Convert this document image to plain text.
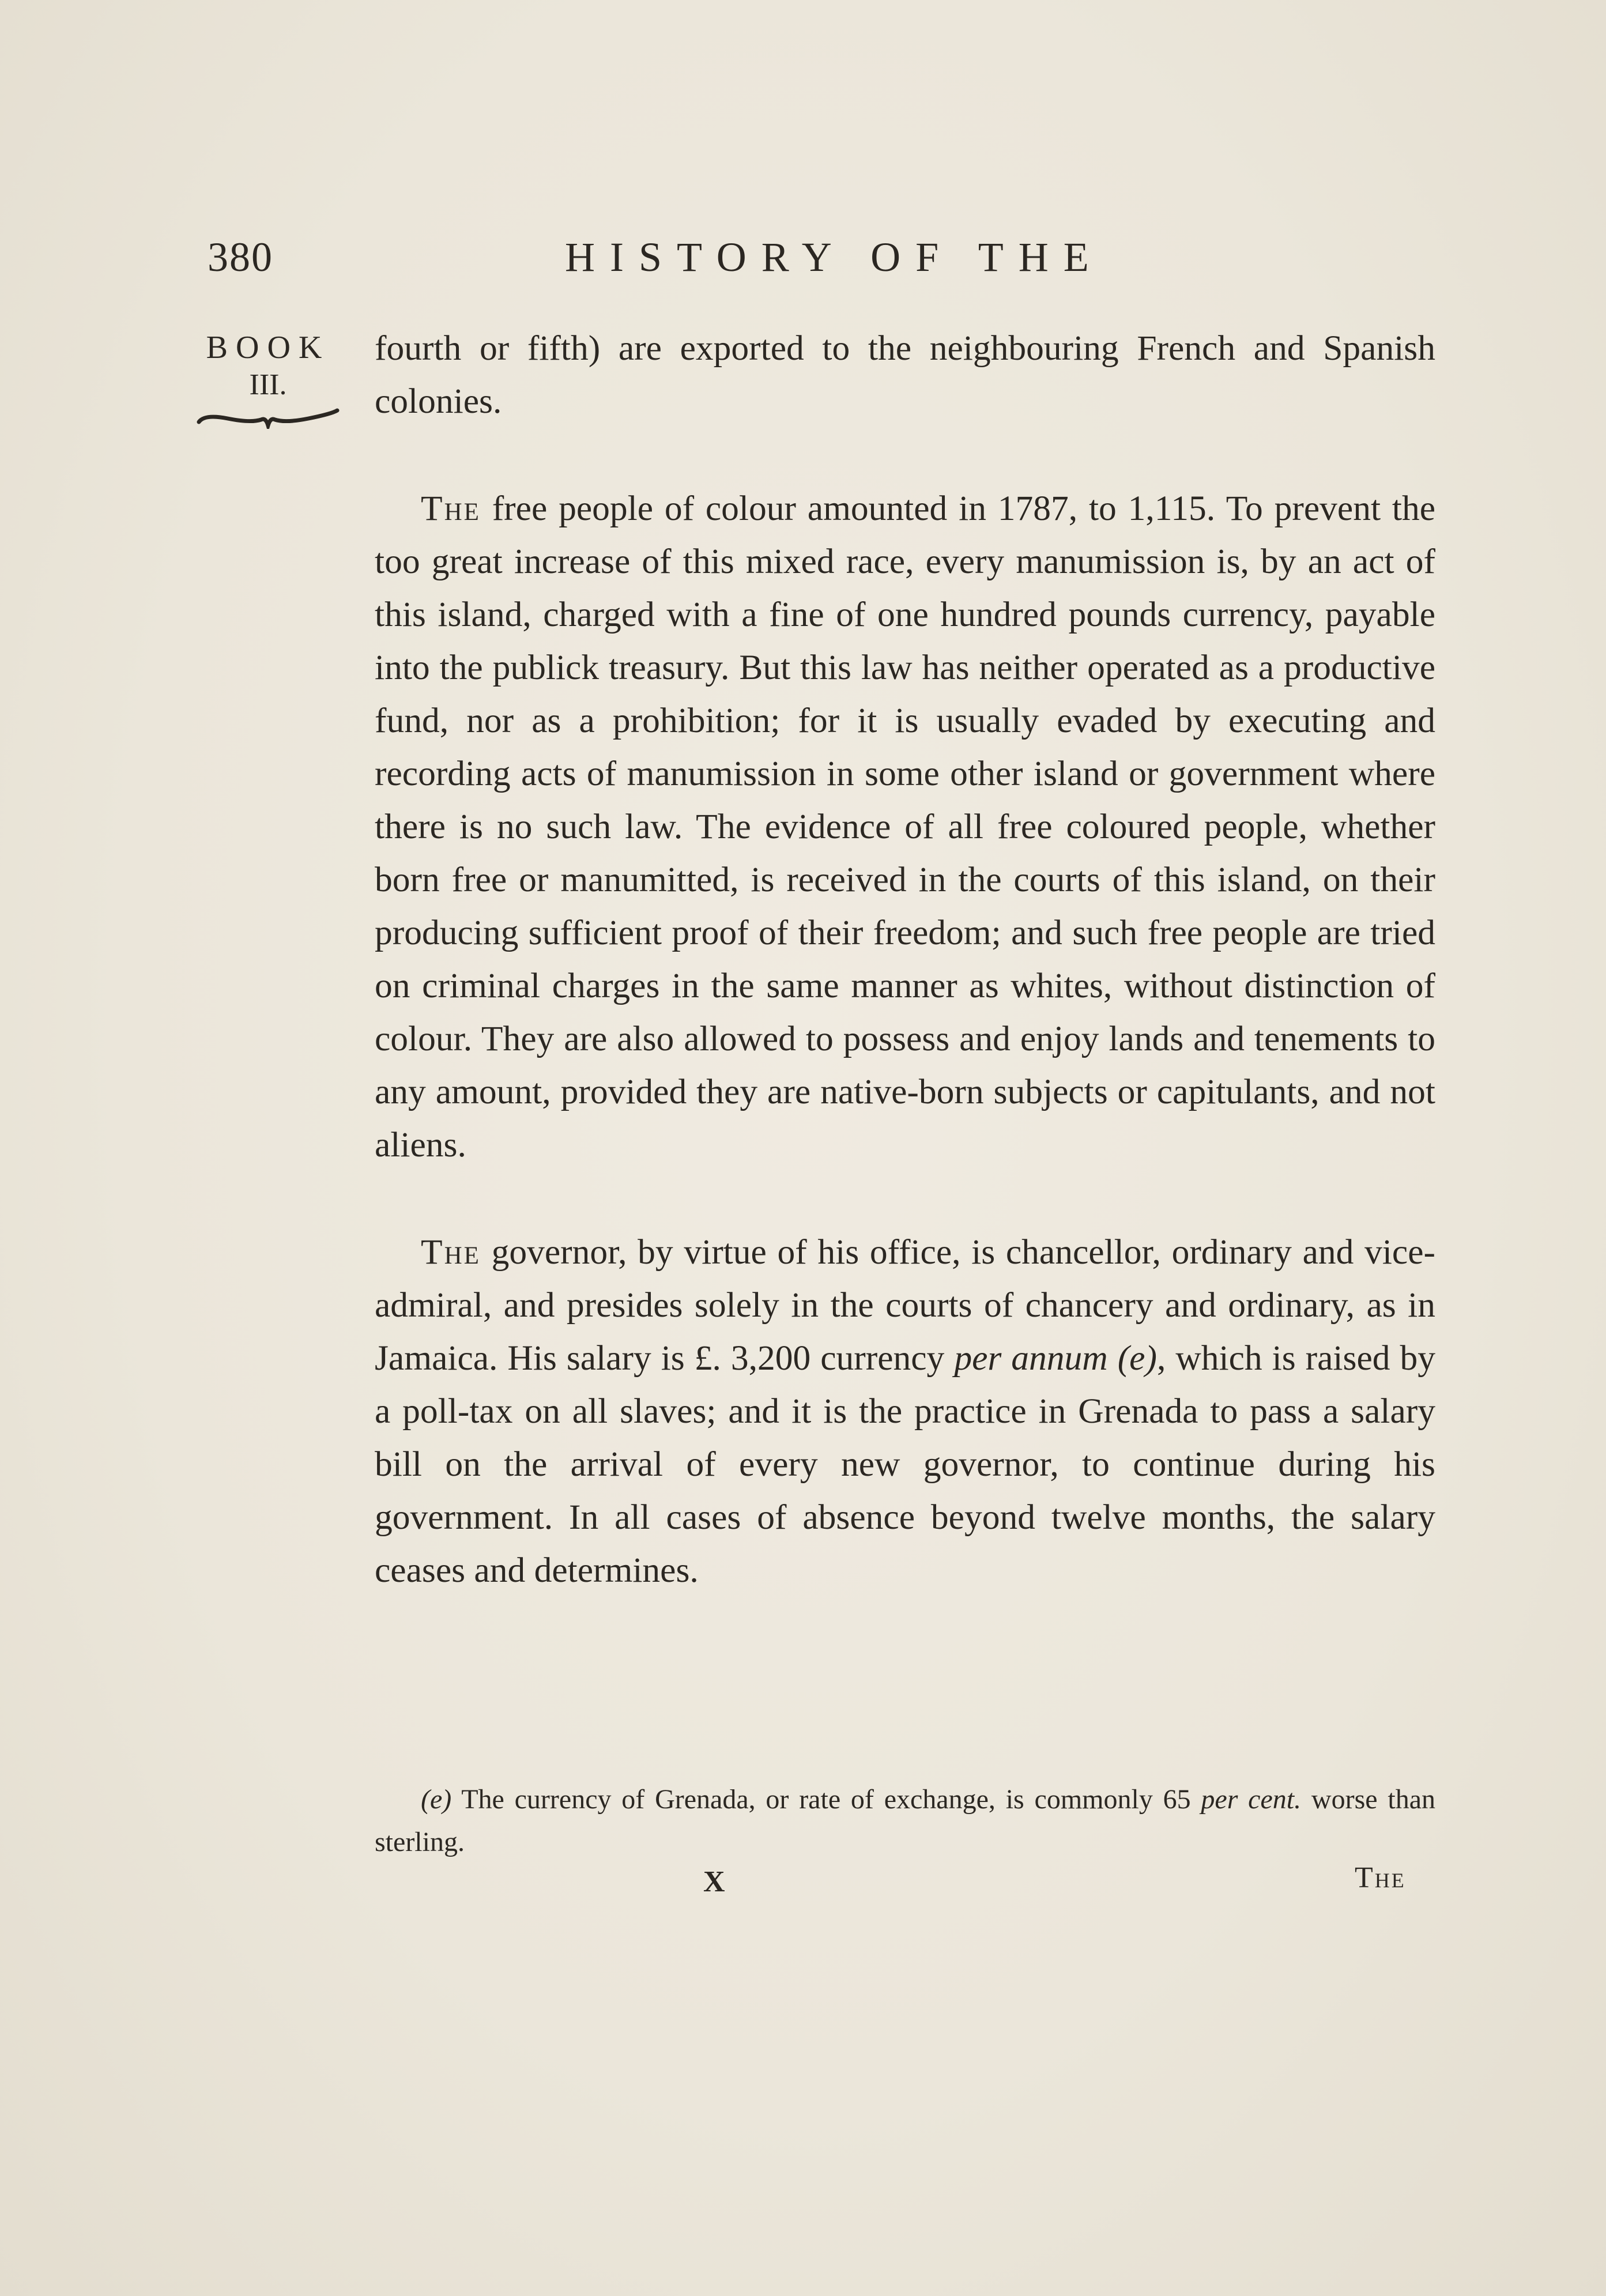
380	HISTORY OF THE
BOOK
III.

fourth or fifth) are exported to the neighbouring French and Spanish colonies.

The free people of colour amounted in 1787, to 1,115. To prevent the too great increase of this mixed race, every manumission is, by an act of this island, charged with a fine of one hundred pounds currency, payable into the publick treasury. But this law has neither operated as a productive fund, nor as a prohibition; for it is usually evaded by executing and recording acts of manumission in some other island or government where there is no such law. The evidence of all free coloured people, whether born free or manumitted, is received in the courts of this island, on their producing sufficient proof of their freedom; and such free people are tried on criminal charges in the same manner as whites, without distinction of colour. They are also allowed to possess and enjoy lands and tenements to any amount, provided they are native-born subjects or capitulants, and not aliens.

The governor, by virtue of his office, is chancellor, ordinary and vice-admiral, and presides solely in the courts of chancery and ordinary, as in Jamaica. His salary is £. 3,200 currency per annum (e), which is raised by a poll-tax on all slaves; and it is the practice in Grenada to pass a salary bill on the arrival of every new governor, to continue during his government. In all cases of absence beyond twelve months, the salary ceases and determines.

(e) The currency of Grenada, or rate of exchange, is commonly 65 per cent. worse than sterling.
X	The
